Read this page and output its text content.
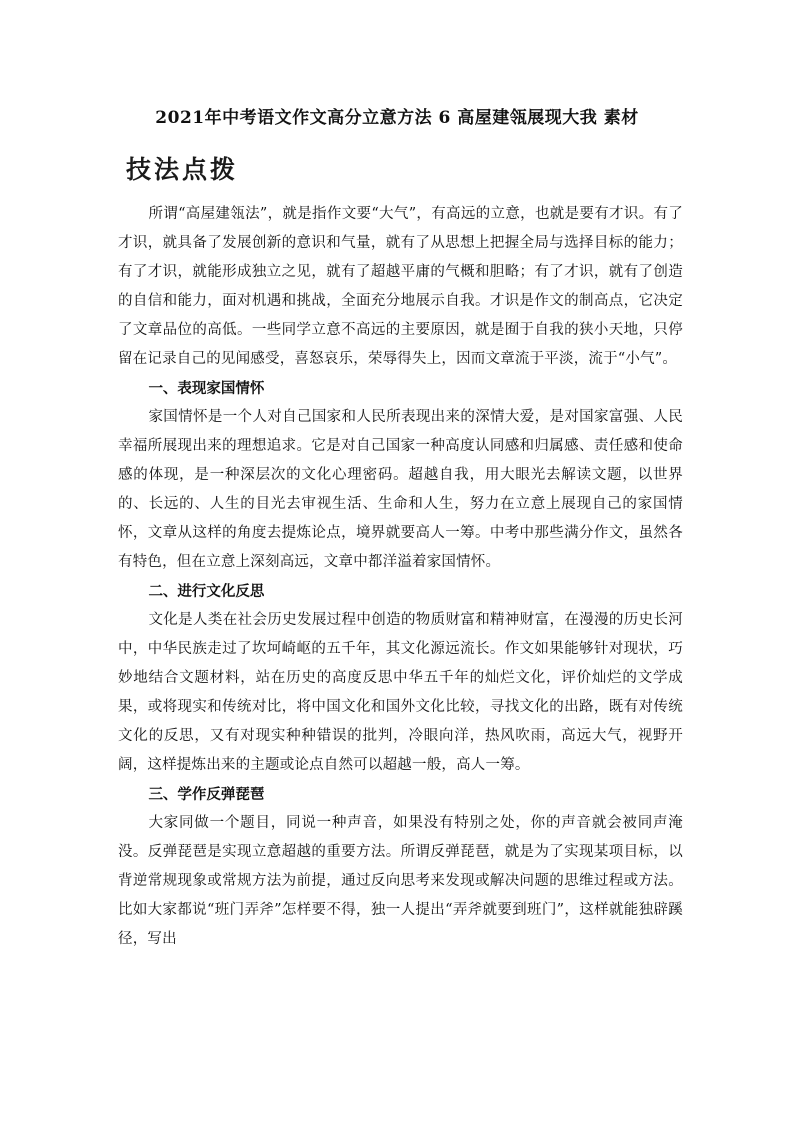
2021年中考语文作文高分立意方法 6 高屋建瓴展现大我 素材
技法点拨

所谓“高屋建瓴法”，就是指作文要“大气”，有高远的立意，也就是要有才识。有了才识，就具备了发展创新的意识和气量，就有了从思想上把握全局与选择目标的能力；有了才识，就能形成独立之见，就有了超越平庸的气概和胆略；有了才识，就有了创造的自信和能力，面对机遇和挑战，全面充分地展示自我。才识是作文的制高点，它决定了文章品位的高低。一些同学立意不高远的主要原因，就是囿于自我的狭小天地，只停留在记录自己的见闻感受，喜怒哀乐，荣辱得失上，因而文章流于平淡，流于“小气”。

一、表现家国情怀

家国情怀是一个人对自己国家和人民所表现出来的深情大爱，是对国家富强、人民幸福所展现出来的理想追求。它是对自己国家一种高度认同感和归属感、责任感和使命感的体现，是一种深层次的文化心理密码。超越自我，用大眼光去解读文题，以世界的、长远的、人生的目光去审视生活、生命和人生，努力在立意上展现自己的家国情怀，文章从这样的角度去提炼论点，境界就要高人一筹。中考中那些满分作文，虽然各有特色，但在立意上深刻高远，文章中都洋溢着家国情怀。

二、进行文化反思

文化是人类在社会历史发展过程中创造的物质财富和精神财富，在漫漫的历史长河中，中华民族走过了坎坷崎岖的五千年，其文化源远流长。作文如果能够针对现状，巧妙地结合文题材料，站在历史的高度反思中华五千年的灿烂文化，评价灿烂的文学成果，或将现实和传统对比，将中国文化和国外文化比较，寻找文化的出路，既有对传统文化的反思，又有对现实种种错误的批判，冷眼向洋，热风吹雨，高远大气，视野开阔，这样提炼出来的主题或论点自然可以超越一般，高人一筹。

三、学作反弹琵琶

大家同做一个题目，同说一种声音，如果没有特别之处，你的声音就会被同声淹没。反弹琵琶是实现立意超越的重要方法。所谓反弹琵琶，就是为了实现某项目标，以背逆常规现象或常规方法为前提，通过反向思考来发现或解决问题的思维过程或方法。比如大家都说“班门弄斧”怎样要不得，独一人提出“弄斧就要到班门”，这样就能独辟蹊径，写出
